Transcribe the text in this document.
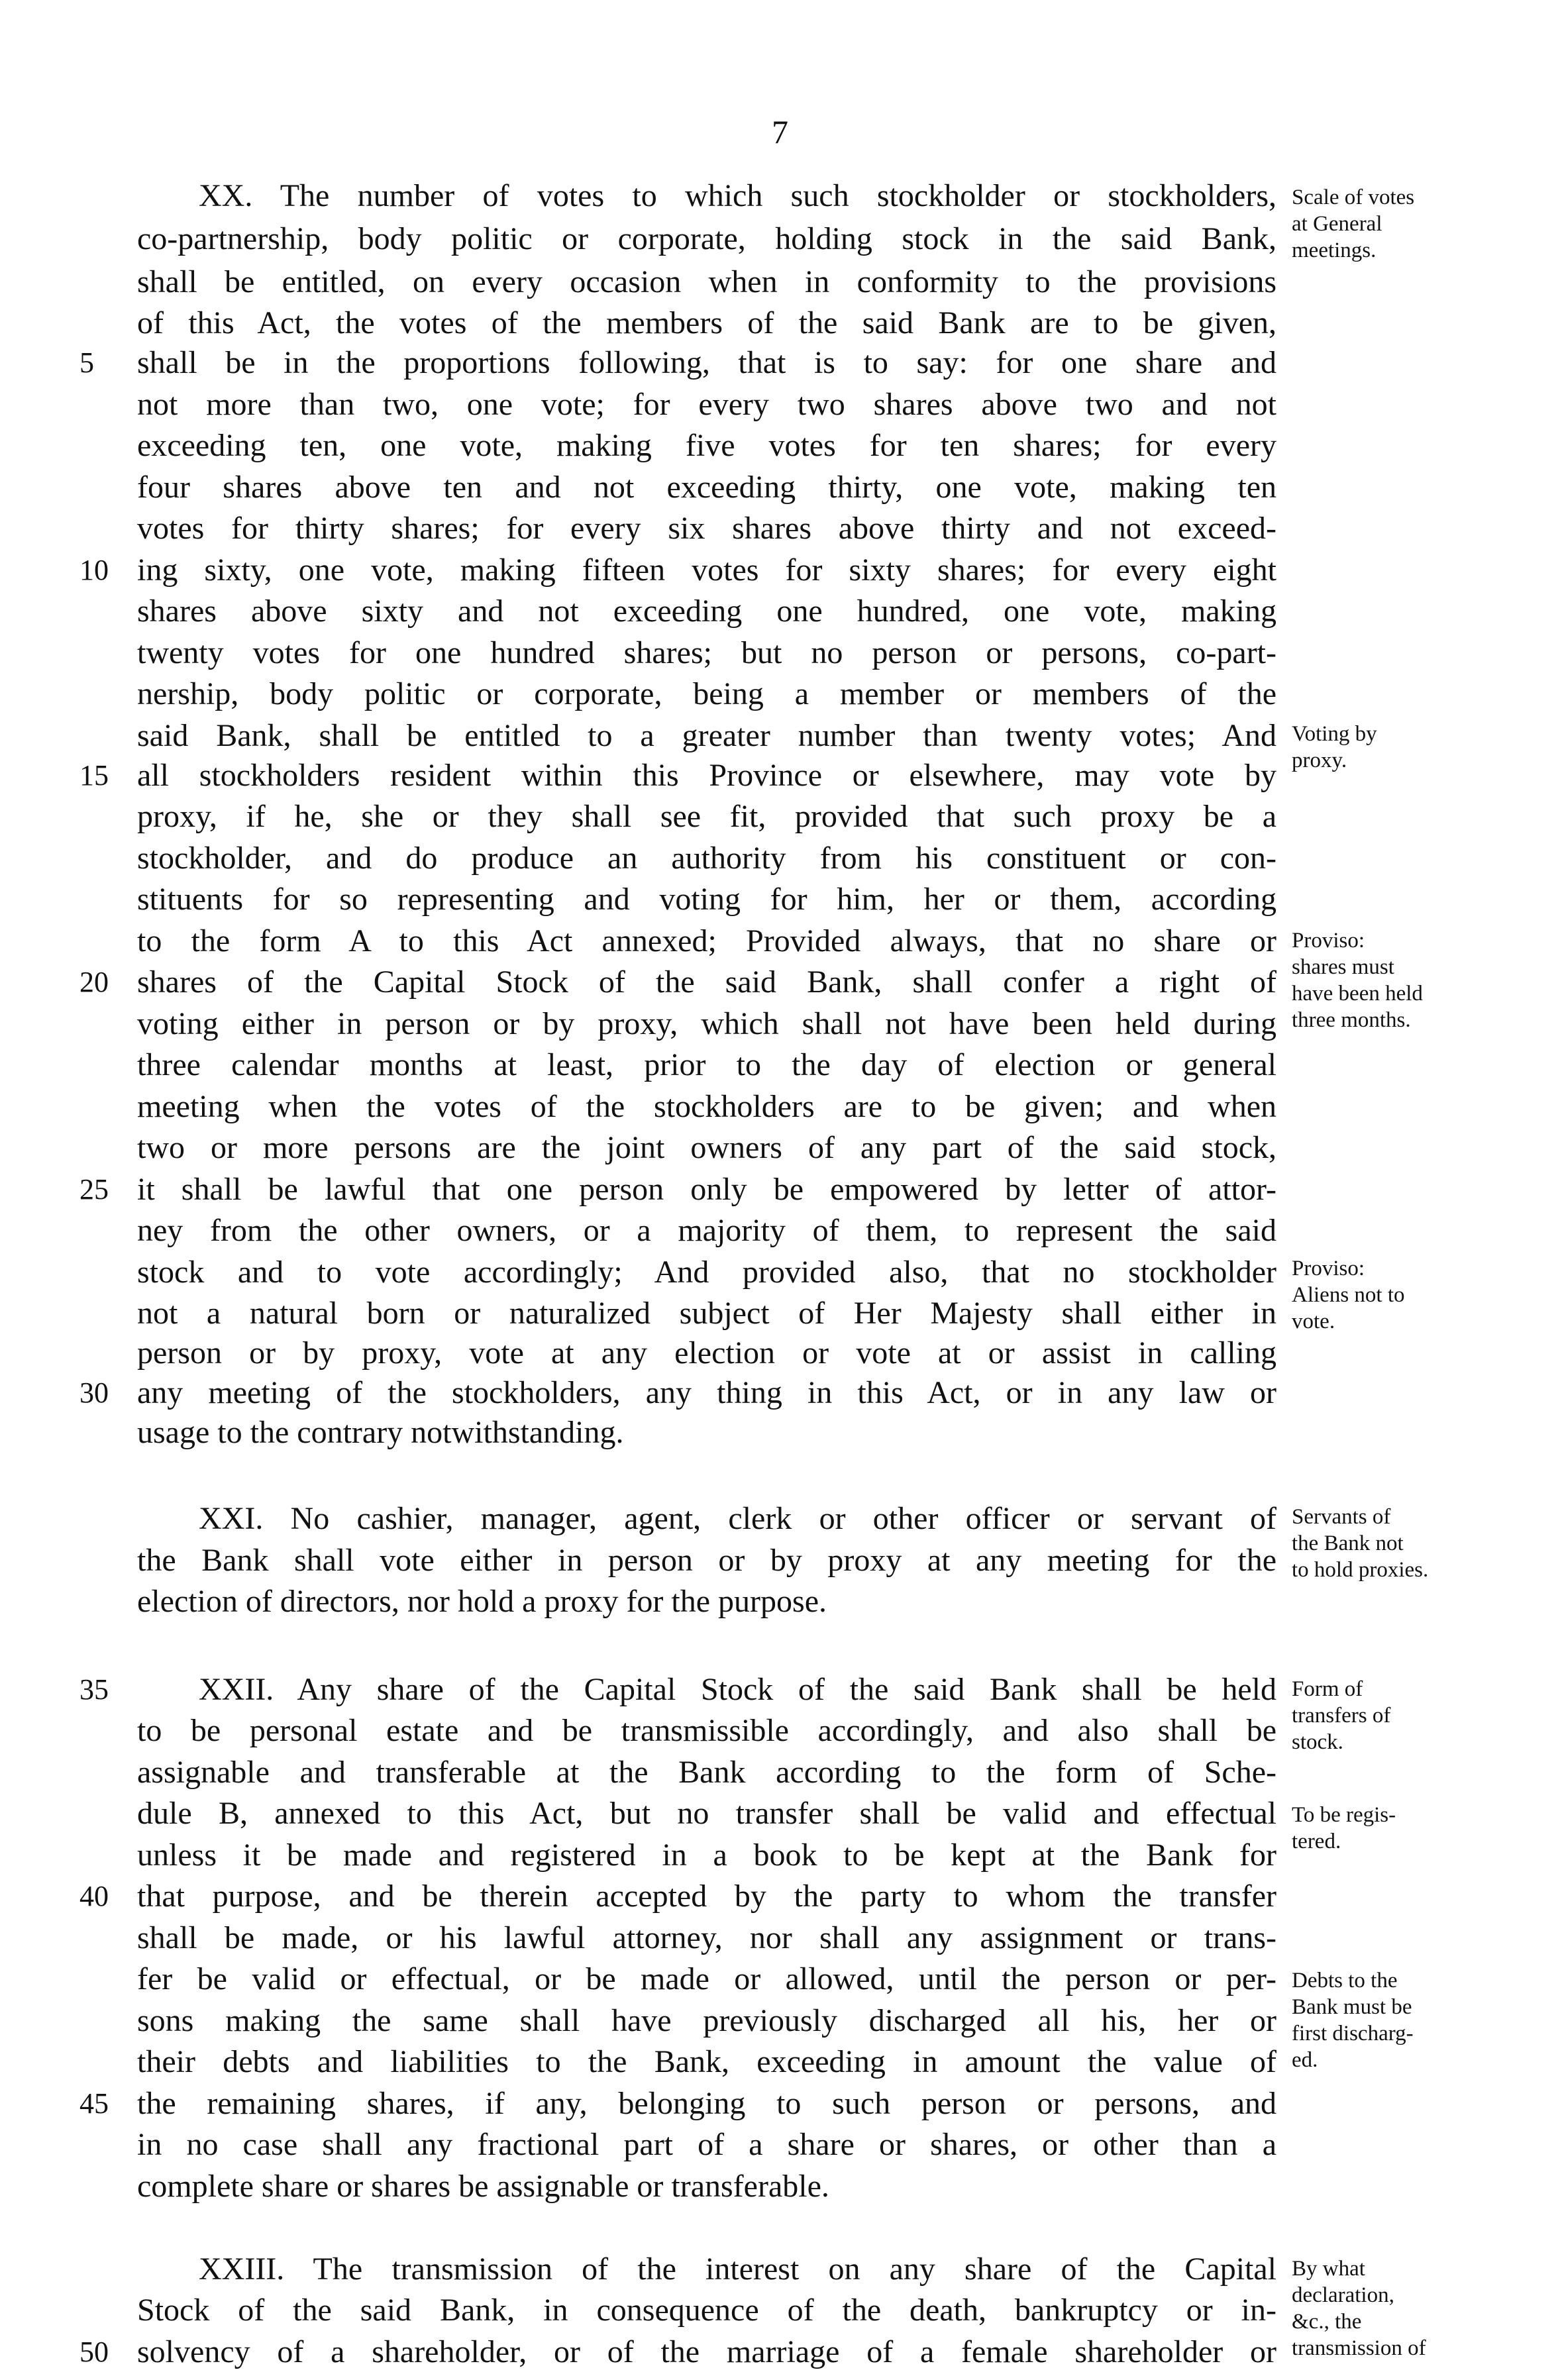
7
XX. The number of votes to which such stockholder or stockholders,
co-partnership, body politic or corporate, holding stock in the said Bank,
shall be entitled, on every occasion when in conformity to the provisions
of this Act, the votes of the members of the said Bank are to be given,
shall be in the proportions following, that is to say: for one share and
not more than two, one vote; for every two shares above two and not
exceeding ten, one vote, making five votes for ten shares; for every
four shares above ten and not exceeding thirty, one vote, making ten
votes for thirty shares; for every six shares above thirty and not exceed-
ing sixty, one vote, making fifteen votes for sixty shares; for every eight
shares above sixty and not exceeding one hundred, one vote, making
twenty votes for one hundred shares; but no person or persons, co-part-
nership, body politic or corporate, being a member or members of the
said Bank, shall be entitled to a greater number than twenty votes; And
all stockholders resident within this Province or elsewhere, may vote by
proxy, if he, she or they shall see fit, provided that such proxy be a
stockholder, and do produce an authority from his constituent or con-
stituents for so representing and voting for him, her or them, according
to the form A to this Act annexed; Provided always, that no share or
shares of the Capital Stock of the said Bank, shall confer a right of
voting either in person or by proxy, which shall not have been held during
three calendar months at least, prior to the day of election or general
meeting when the votes of the stockholders are to be given; and when
two or more persons are the joint owners of any part of the said stock,
it shall be lawful that one person only be empowered by letter of attor-
ney from the other owners, or a majority of them, to represent the said
stock and to vote accordingly; And provided also, that no stockholder
not a natural born or naturalized subject of Her Majesty shall either in
person or by proxy, vote at any election or vote at or assist in calling
any meeting of the stockholders, any thing in this Act, or in any law or
usage to the contrary notwithstanding.
XXI. No cashier, manager, agent, clerk or other officer or servant of
the Bank shall vote either in person or by proxy at any meeting for the
election of directors, nor hold a proxy for the purpose.
XXII. Any share of the Capital Stock of the said Bank shall be held
to be personal estate and be transmissible accordingly, and also shall be
assignable and transferable at the Bank according to the form of Sche-
dule B, annexed to this Act, but no transfer shall be valid and effectual
unless it be made and registered in a book to be kept at the Bank for
that purpose, and be therein accepted by the party to whom the transfer
shall be made, or his lawful attorney, nor shall any assignment or trans-
fer be valid or effectual, or be made or allowed, until the person or per-
sons making the same shall have previously discharged all his, her or
their debts and liabilities to the Bank, exceeding in amount the value of
the remaining shares, if any, belonging to such person or persons, and
in no case shall any fractional part of a share or shares, or other than a
complete share or shares be assignable or transferable.
XXIII. The transmission of the interest on any share of the Capital
Stock of the said Bank, in consequence of the death, bankruptcy or in-
solvency of a shareholder, or of the marriage of a female shareholder or
5
10
15
20
25
30
35
40
45
50
Scale of votes
at General
meetings.
Voting by
proxy.
Proviso:
shares must
have been held
three months.
Proviso:
Aliens not to
vote.
Servants of
the Bank not
to hold proxies.
Form of
transfers of
stock.
To be regis-
tered.
Debts to the
Bank must be
first discharg-
ed.
By what
declaration,
&c., the
transmission of
